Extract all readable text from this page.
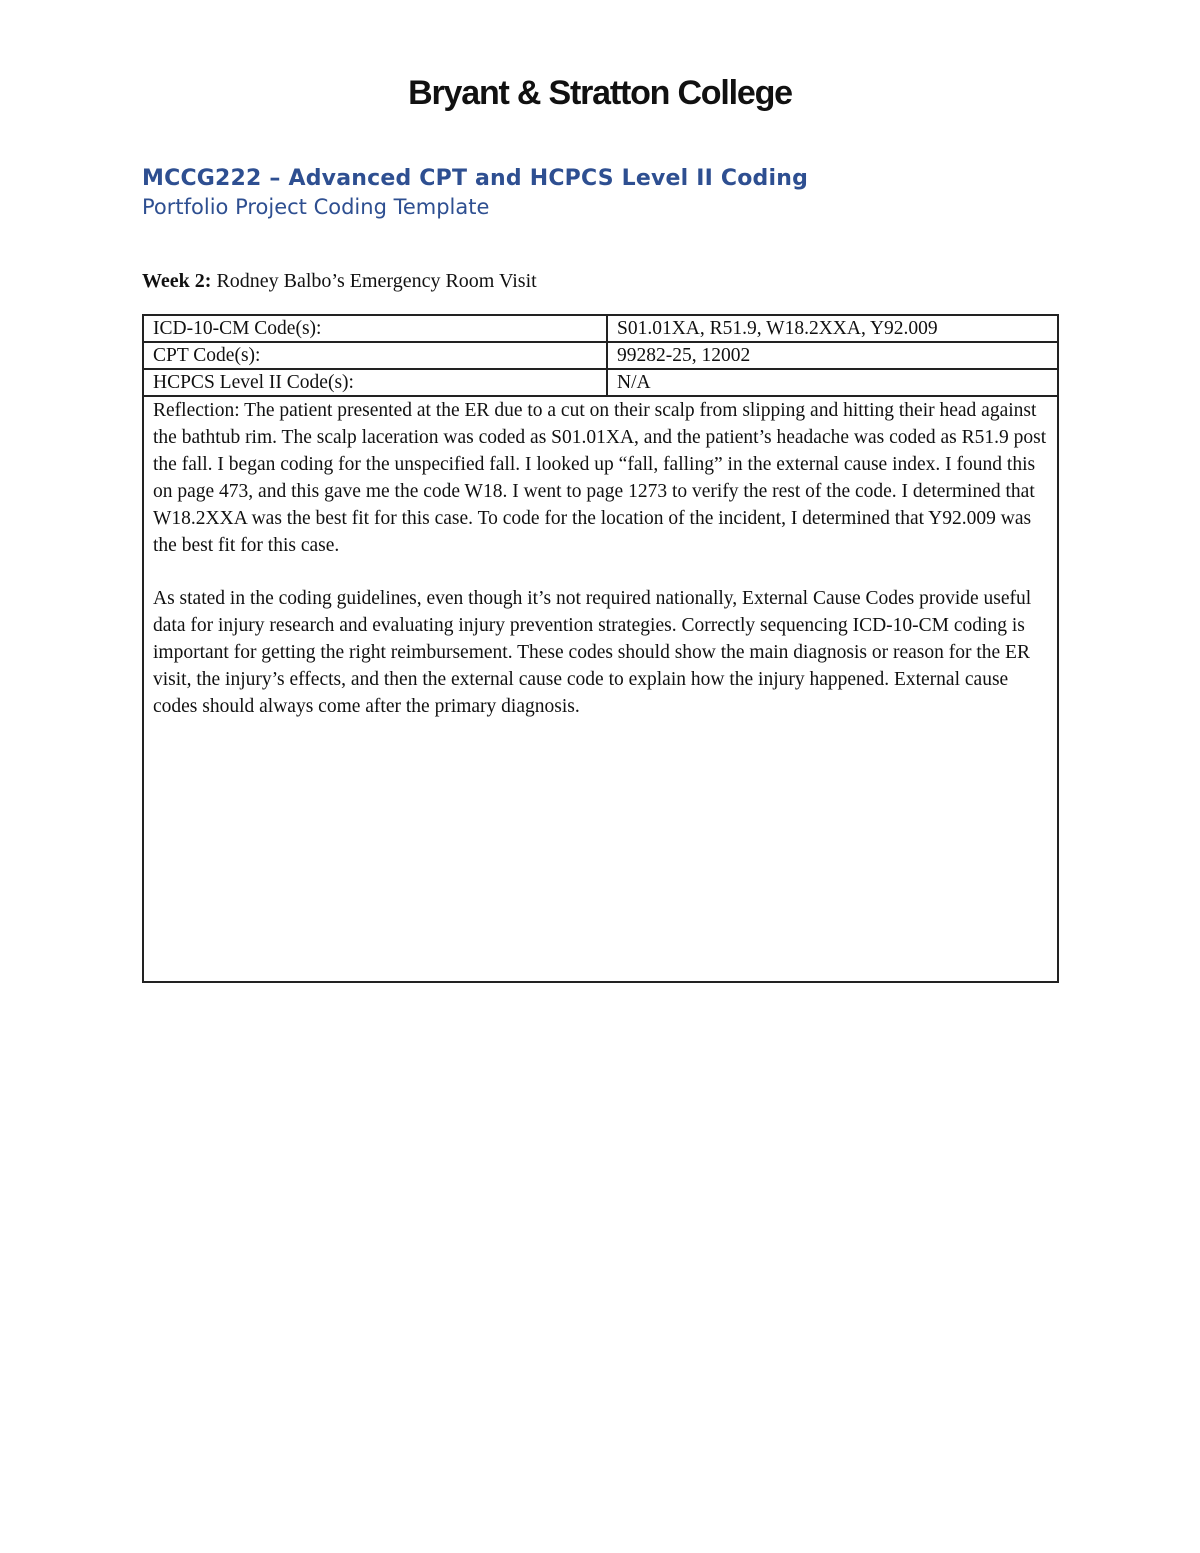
Bryant & Stratton College
MCCG222 – Advanced CPT and HCPCS Level II Coding
Portfolio Project Coding Template
Week 2: Rodney Balbo’s Emergency Room Visit
ICD-10-CM Code(s):	S01.01XA, R51.9, W18.2XXA, Y92.009
CPT Code(s):	99282-25, 12002
HCPCS Level II Code(s):	N/A

Reflection: The patient presented at the ER due to a cut on their scalp from slipping and hitting their head against the bathtub rim. The scalp laceration was coded as S01.01XA, and the patient’s headache was coded as R51.9 post the fall. I began coding for the unspecified fall. I looked up “fall, falling” in the external cause index. I found this on page 473, and this gave me the code W18. I went to page 1273 to verify the rest of the code. I determined that W18.2XXA was the best fit for this case. To code for the location of the incident, I determined that Y92.009 was the best fit for this case.

As stated in the coding guidelines, even though it’s not required nationally, External Cause Codes provide useful data for injury research and evaluating injury prevention strategies. Correctly sequencing ICD-10-CM coding is important for getting the right reimbursement. These codes should show the main diagnosis or reason for the ER visit, the injury’s effects, and then the external cause code to explain how the injury happened. External cause codes should always come after the primary diagnosis.	
